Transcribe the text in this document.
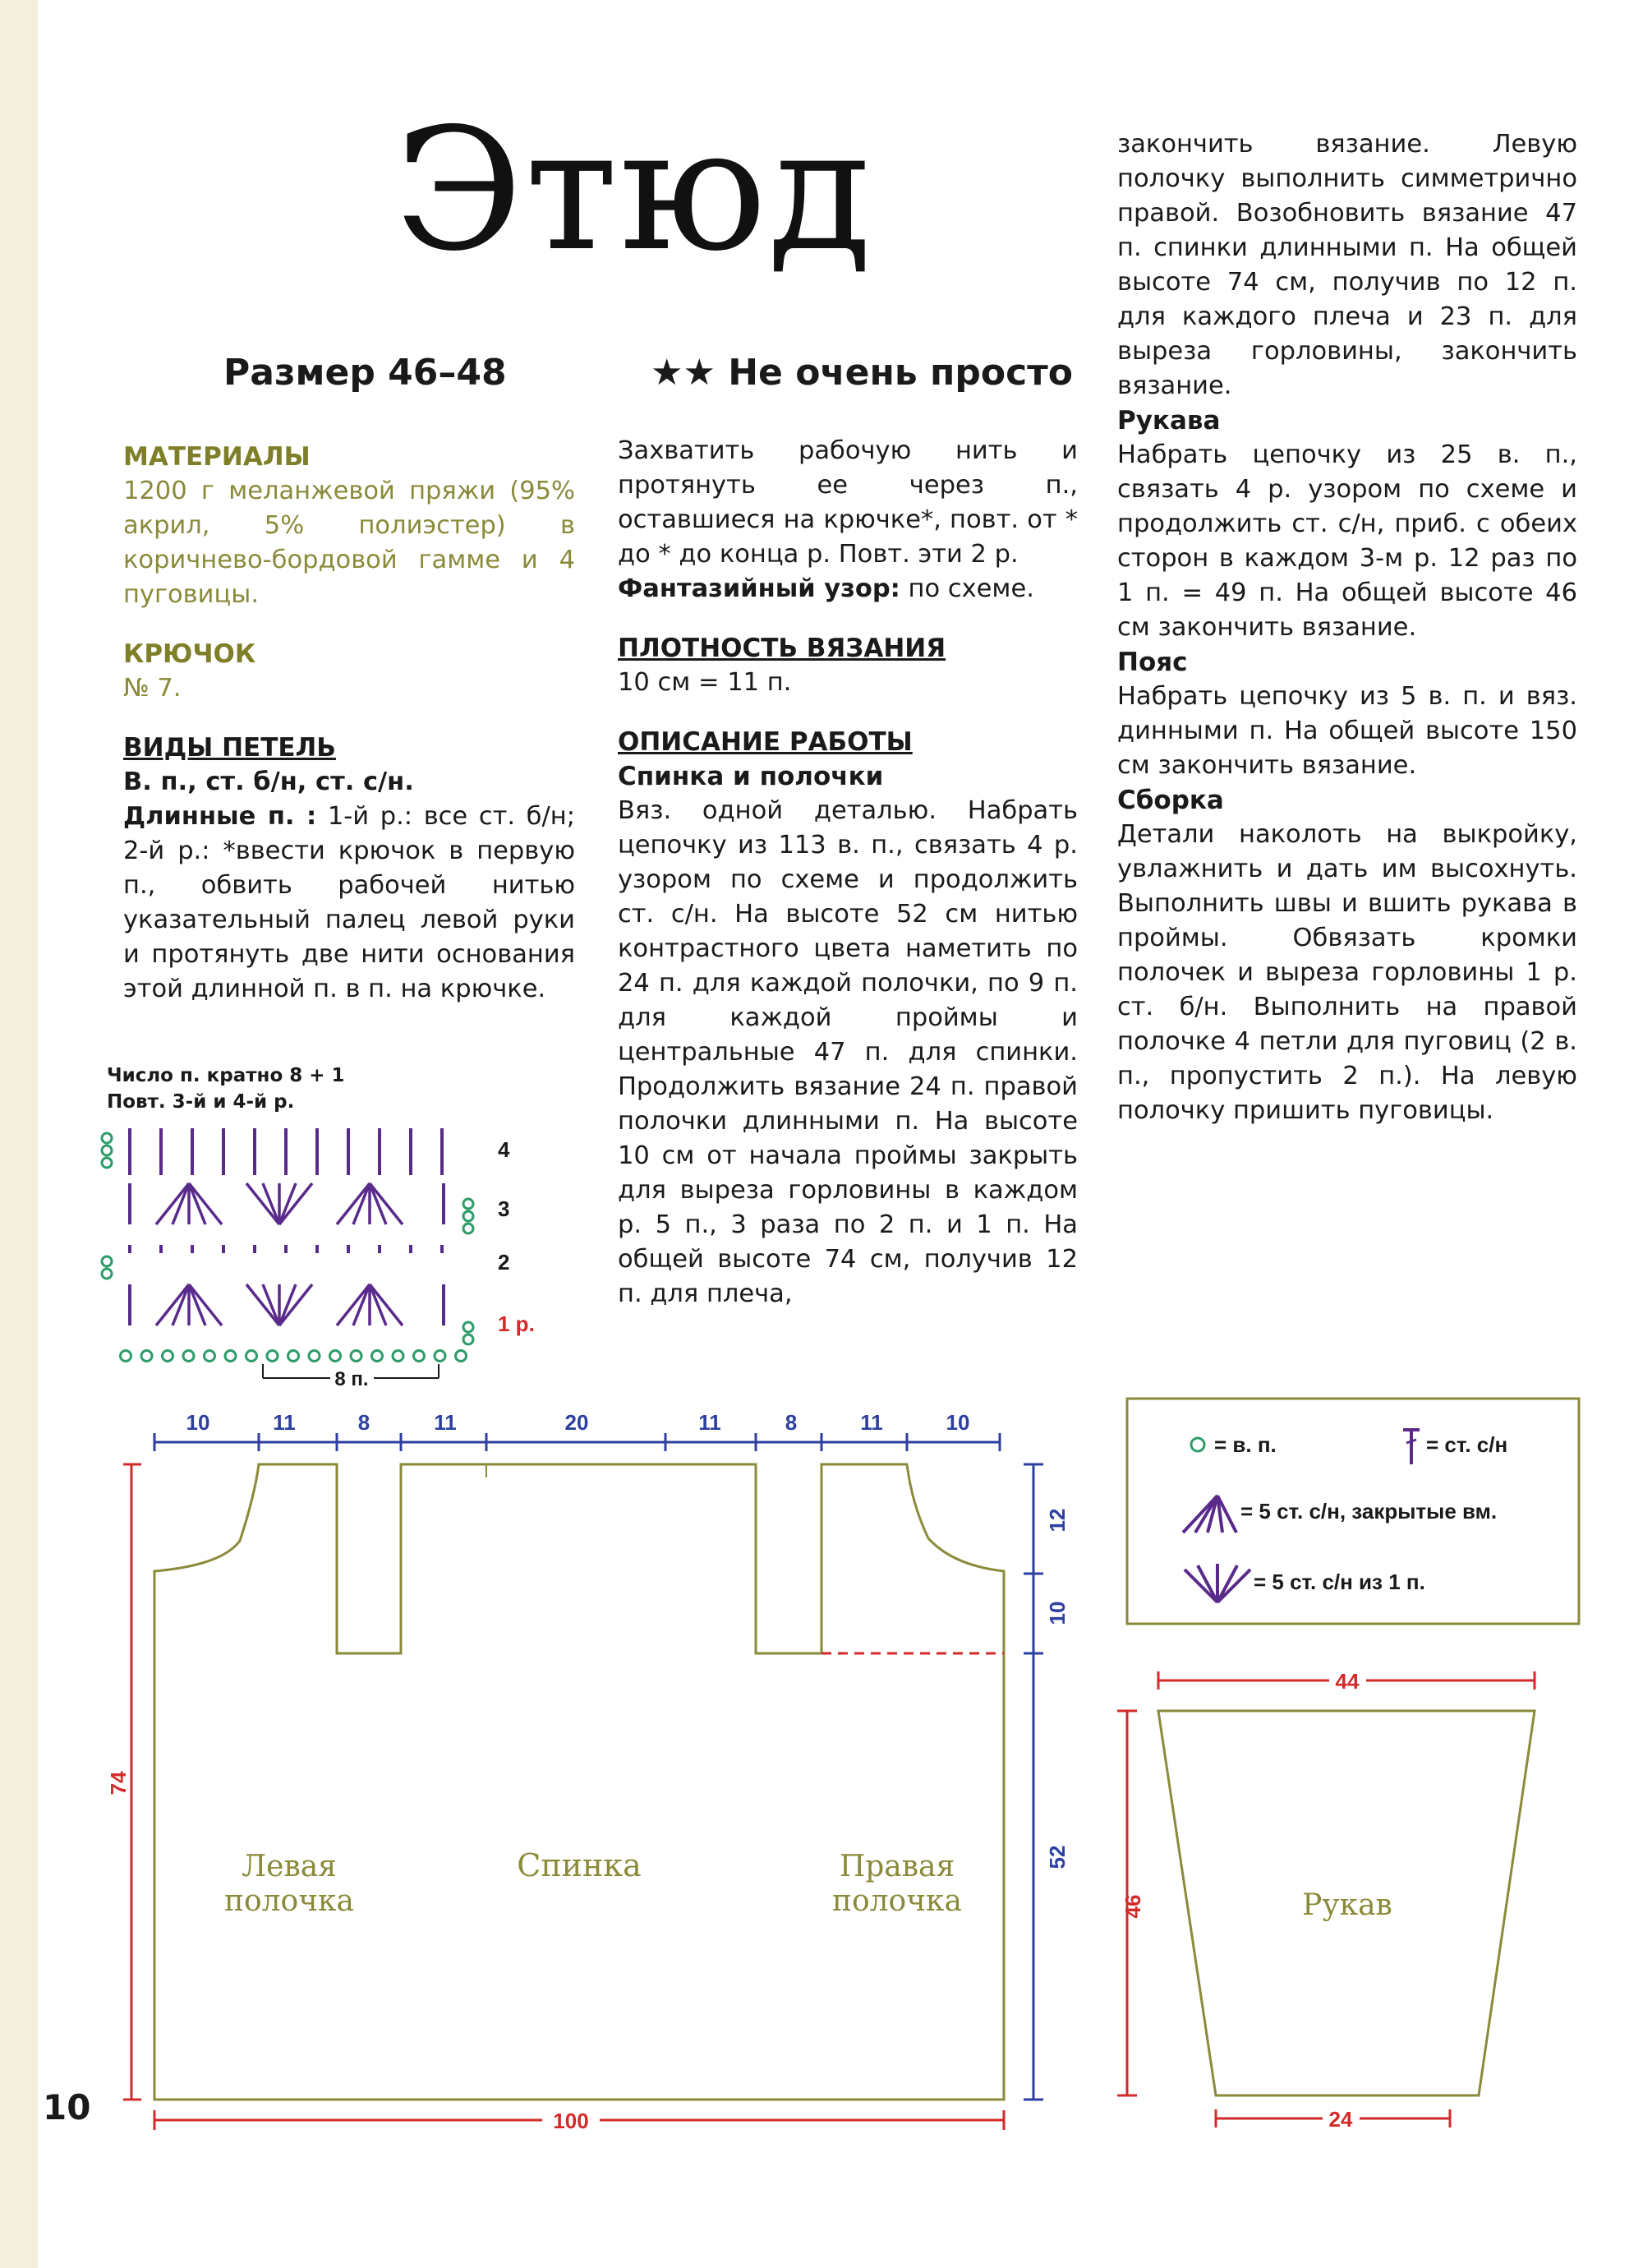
Этюд
Размер 46–48	★★ Не очень просто
МАТЕРИАЛЫ

1200 г меланжевой пряжи (95% акрил, 5% полиэстер) в коричнево-бордовой гамме и 4 пуговицы.

КРЮЧОК

№ 7.

ВИДЫ ПЕТЕЛЬ

В. п., ст. б/н, ст. с/н.

Длинные п. : 1-й р.: все ст. б/н; 2-й р.: *ввести крючок в первую п., обвить рабочей нитью указательный палец левой руки и протянуть две нити основания этой длинной п. в п. на крючке.

Захватить рабочую нить и протянуть ее через п., оставшиеся на крючке*, повт. от * до * до конца р. Повт. эти 2 р.

Фантазийный узор: по схеме.

ПЛОТНОСТЬ ВЯЗАНИЯ

10 см = 11 п.

ОПИСАНИЕ РАБОТЫ
Спинка и полочки

Вяз. одной деталью. Набрать цепочку из 113 в. п., связать 4 р. узором по схеме и продолжить ст. с/н. На высоте 52 см нитью контрастного цвета наметить по 24 п. для каждой полочки, по 9 п. для каждой проймы и центральные 47 п. для спинки. Продолжить вязание 24 п. правой полочки длинными п. На высоте 10 см от начала проймы закрыть для выреза горловины в каждом р. 5 п., 3 раза по 2 п. и 1 п. На общей высоте 74 см, получив 12 п. для плеча,

закончить вязание. Левую полочку выполнить симметрично правой. Возобновить вязание 47 п. спинки длинными п. На общей высоте 74 см, получив по 12 п. для каждого плеча и 23 п. для выреза горловины, закончить вязание.

Рукава

Набрать цепочку из 25 в. п., связать 4 р. узором по схеме и продолжить ст. с/н, приб. с обеих сторон в каждом 3-м р. 12 раз по 1 п. = 49 п. На общей высоте 46 см закончить вязание.

Пояс

Набрать цепочку из 5 в. п. и вяз. динными п. На общей высоте 150 см закончить вязание.

Сборка

Детали наколоть на выкройку, увлажнить и дать им высохнуть. Выполнить швы и вшить рукава в проймы. Обвязать кромки полочек и выреза горловины 1 р. ст. б/н. Выполнить на правой полочке 4 петли для пуговиц (2 в. п., пропустить 2 п.). На левую полочку пришить пуговицы.

Число п. кратно 8 + 1
Повт. 3-й и 4-й р.
4
3
2
1 р.
8 п.
= в. п.	= ст. с/н
= 5 ст. с/н, закрытые вм.
= 5 ст. с/н из 1 п.
10	11	8	11	20	11	8	11	10
74
12
10
52
100
Левая
полочка
Спинка	Правая
полочка
44
46
24
Рукав
10
